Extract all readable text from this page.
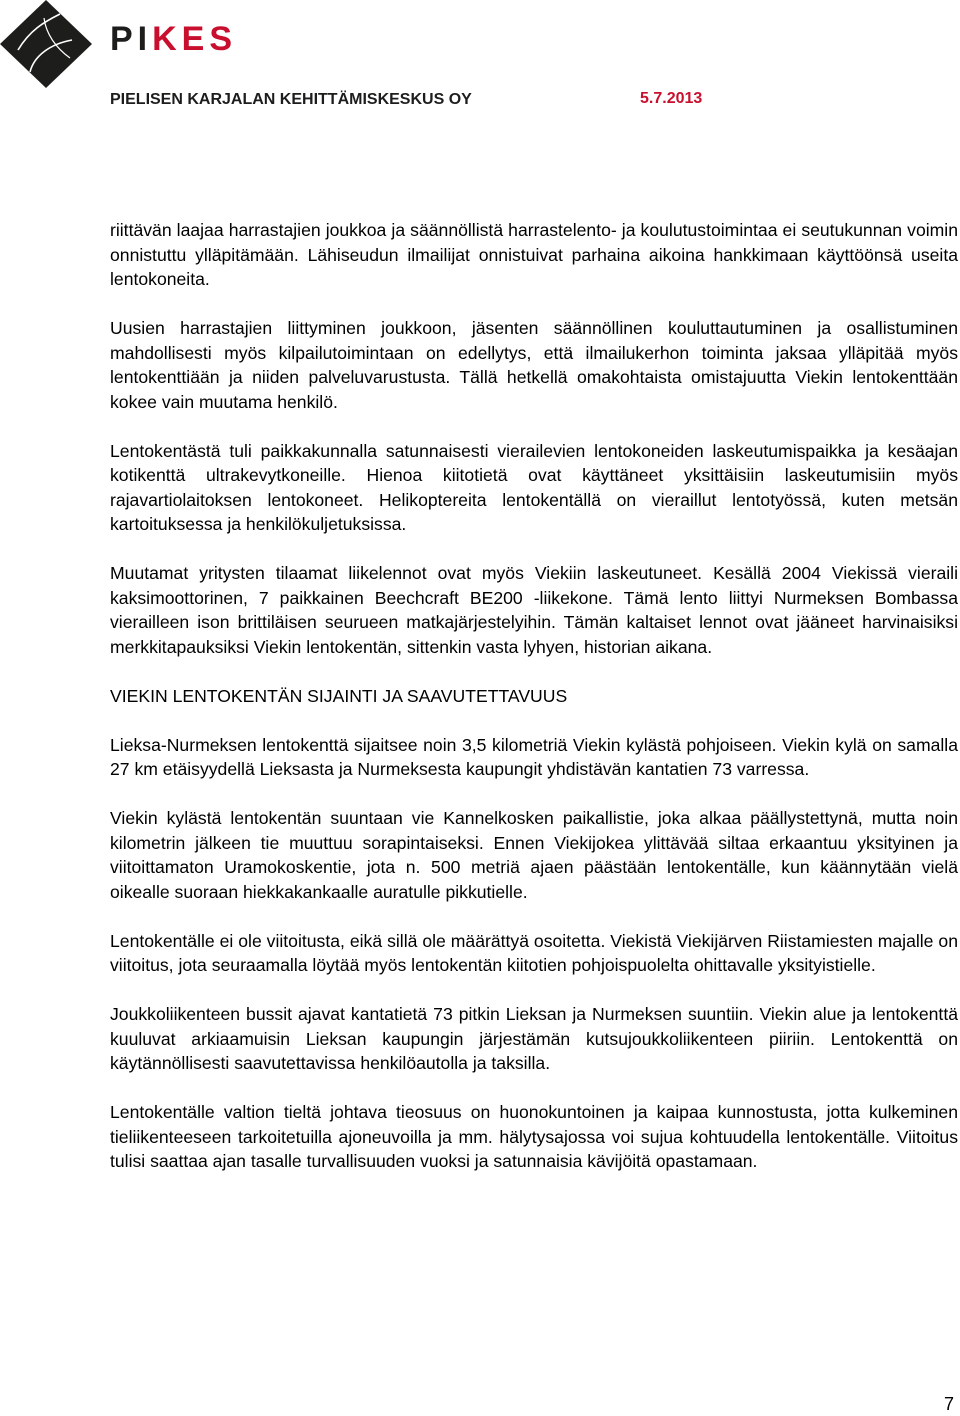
PIKES
PIELISEN KARJALAN KEHITTÄMISKESKUS OY	5.7.2013

riittävän laajaa harrastajien joukkoa ja säännöllistä harrastelento- ja koulutustoimintaa ei seutukunnan voimin onnistuttu ylläpitämään. Lähiseudun ilmailijat onnistuivat parhaina aikoina hankkimaan käyttöönsä useita lentokoneita.

Uusien harrastajien liittyminen joukkoon, jäsenten säännöllinen kouluttautuminen ja osallistuminen mahdollisesti myös kilpailutoimintaan on edellytys, että ilmailukerhon toiminta jaksaa ylläpitää myös lentokenttiään ja niiden palveluvarustusta. Tällä hetkellä omakohtaista omistajuutta Viekin lentokenttään kokee vain muutama henkilö.

Lentokentästä tuli paikkakunnalla satunnaisesti vierailevien lentokoneiden laskeutumispaikka ja kesäajan kotikenttä ultrakevytkoneille. Hienoa kiitotietä ovat käyttäneet yksittäisiin laskeutumisiin myös rajavartiolaitoksen lentokoneet. Helikoptereita lentokentällä on vieraillut lentotyössä, kuten metsän kartoituksessa ja henkilökuljetuksissa.

Muutamat yritysten tilaamat liikelennot ovat myös Viekiin laskeutuneet. Kesällä 2004 Viekissä vieraili kaksimoottorinen, 7 paikkainen Beechcraft BE200 -liikekone. Tämä lento liittyi Nurmeksen Bombassa vierailleen ison brittiläisen seurueen matkajärjestelyihin. Tämän kaltaiset lennot ovat jääneet harvinaisiksi merkkitapauksiksi Viekin lentokentän, sittenkin vasta lyhyen, historian aikana.

VIEKIN LENTOKENTÄN SIJAINTI JA SAAVUTETTAVUUS

Lieksa-Nurmeksen lentokenttä sijaitsee noin 3,5 kilometriä Viekin kylästä pohjoiseen. Viekin kylä on samalla 27 km etäisyydellä Lieksasta ja Nurmeksesta kaupungit yhdistävän kantatien 73 varressa.

Viekin kylästä lentokentän suuntaan vie Kannelkosken paikallistie, joka alkaa päällystettynä, mutta noin kilometrin jälkeen tie muuttuu sorapintaiseksi. Ennen Viekijokea ylittävää siltaa erkaantuu yksityinen ja viitoittamaton Uramokoskentie, jota n. 500 metriä ajaen päästään lentokentälle, kun käännytään vielä oikealle suoraan hiekkakankaalle auratulle pikkutielle.

Lentokentälle ei ole viitoitusta, eikä sillä ole määrättyä osoitetta. Viekistä Viekijärven Riistamiesten majalle on viitoitus, jota seuraamalla löytää myös lentokentän kiitotien pohjoispuolelta ohittavalle yksityistielle.

Joukkoliikenteen bussit ajavat kantatietä 73 pitkin Lieksan ja Nurmeksen suuntiin. Viekin alue ja lentokenttä kuuluvat arkiaamuisin Lieksan kaupungin järjestämän kutsujoukkoliikenteen piiriin. Lentokenttä on käytännöllisesti saavutettavissa henkilöautolla ja taksilla.

Lentokentälle valtion tieltä johtava tieosuus on huonokuntoinen ja kaipaa kunnostusta, jotta kulkeminen tieliikenteeseen tarkoitetuilla ajoneuvoilla ja mm. hälytysajossa voi sujua kohtuudella lentokentälle. Viitoitus tulisi saattaa ajan tasalle turvallisuuden vuoksi ja satunnaisia kävijöitä opastamaan.

7
